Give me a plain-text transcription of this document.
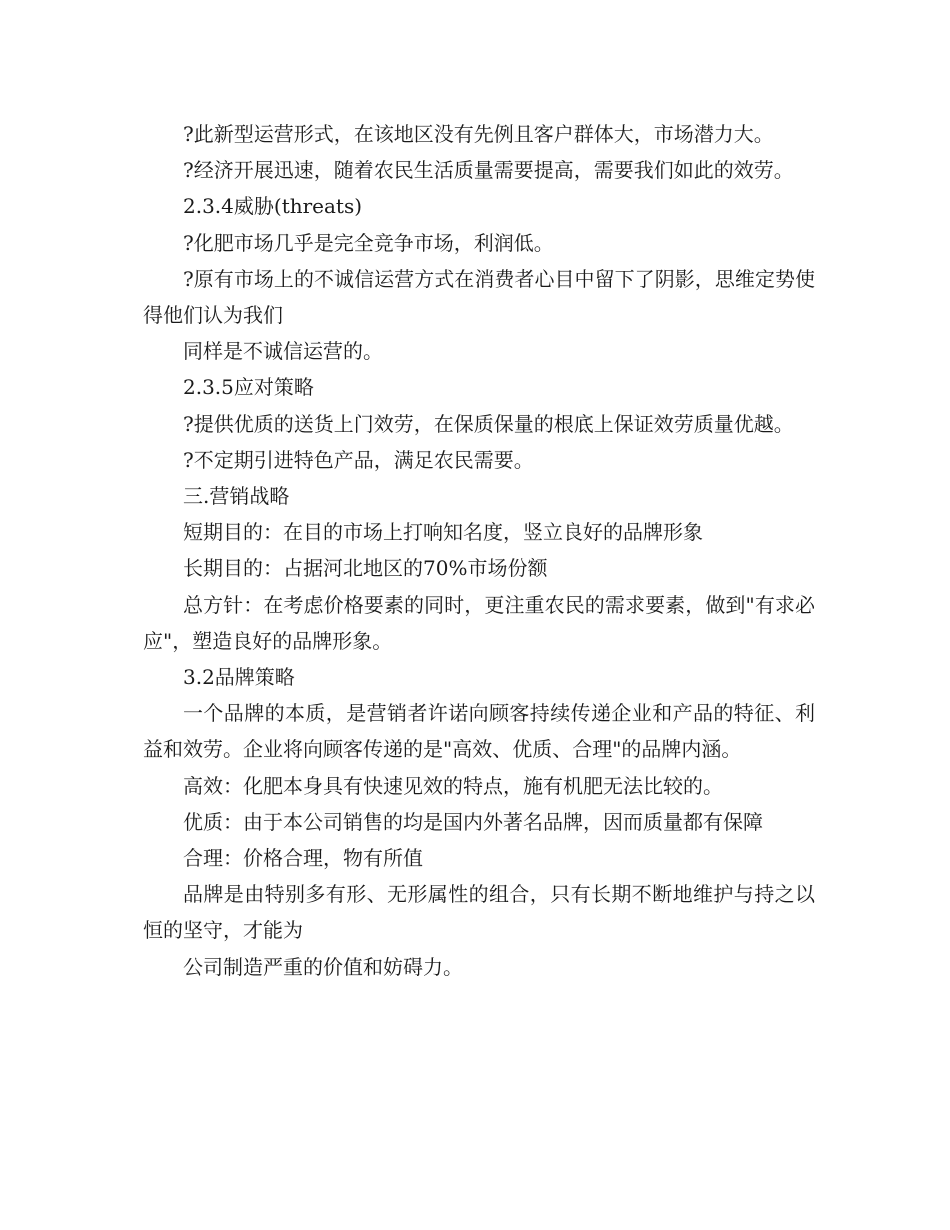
?此新型运营形式，在该地区没有先例且客户群体大，市场潜力大。

?经济开展迅速，随着农民生活质量需要提高，需要我们如此的效劳。

2.3.4威胁(threats)

?化肥市场几乎是完全竞争市场，利润低。

?原有市场上的不诚信运营方式在消费者心目中留下了阴影，思维定势使得他们认为我们

同样是不诚信运营的。

2.3.5应对策略

?提供优质的送货上门效劳，在保质保量的根底上保证效劳质量优越。

?不定期引进特色产品，满足农民需要。

三.营销战略

短期目的：在目的市场上打响知名度，竖立良好的品牌形象

长期目的：占据河北地区的70%市场份额

总方针：在考虑价格要素的同时，更注重农民的需求要素，做到"有求必应"，塑造良好的品牌形象。

3.2品牌策略

一个品牌的本质，是营销者许诺向顾客持续传递企业和产品的特征、利益和效劳。企业将向顾客传递的是"高效、优质、合理"的品牌内涵。

高效：化肥本身具有快速见效的特点，施有机肥无法比较的。

优质：由于本公司销售的均是国内外著名品牌，因而质量都有保障

合理：价格合理，物有所值

品牌是由特别多有形、无形属性的组合，只有长期不断地维护与持之以恒的坚守，才能为

公司制造严重的价值和妨碍力。
